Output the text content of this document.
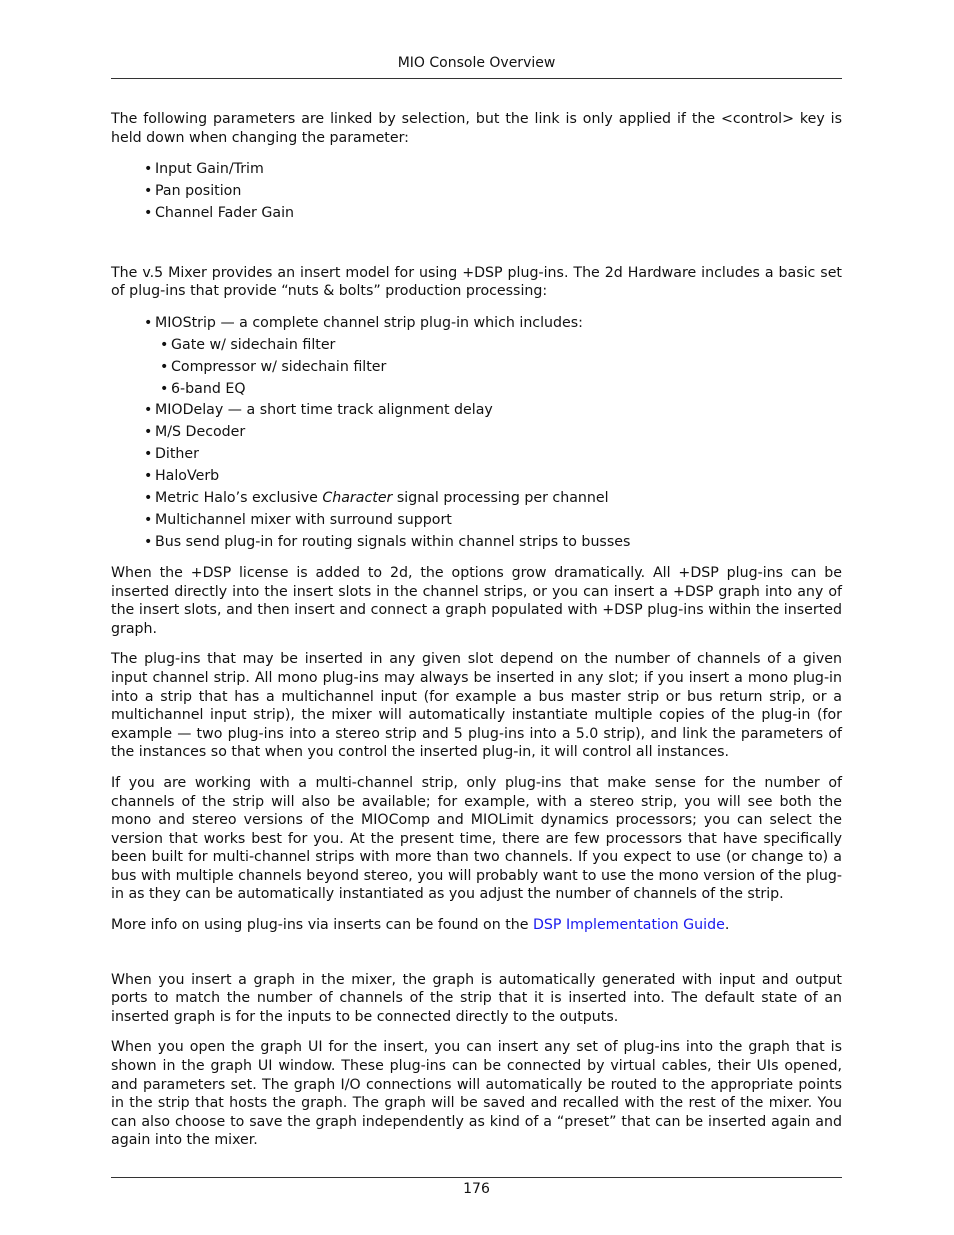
MIO Console Overview

The following parameters are linked by selection, but the link is only applied if the <control> key is held down when changing the parameter:

• Input Gain/Trim
• Pan position
• Channel Fader Gain

The v.5 Mixer provides an insert model for using +DSP plug-ins. The 2d Hardware includes a basic set of plug-ins that provide “nuts & bolts” production processing:

• MIOStrip — a complete channel strip plug-in which includes:
• Gate w/ sidechain filter
• Compressor w/ sidechain filter
• 6-band EQ
• MIODelay — a short time track alignment delay
• M/S Decoder
• Dither
• HaloVerb
• Metric Halo’s exclusive Character signal processing per channel
• Multichannel mixer with surround support
• Bus send plug-in for routing signals within channel strips to busses

When the +DSP license is added to 2d, the options grow dramatically. All +DSP plug-ins can be inserted directly into the insert slots in the channel strips, or you can insert a +DSP graph into any of the insert slots, and then insert and connect a graph populated with +DSP plug-ins within the inserted graph.

The plug-ins that may be inserted in any given slot depend on the number of channels of a given input channel strip. All mono plug-ins may always be inserted in any slot; if you insert a mono plug-in into a strip that has a multichannel input (for example a bus master strip or bus return strip, or a multichannel input strip), the mixer will automatically instantiate multiple copies of the plug-in (for example — two plug-ins into a stereo strip and 5 plug-ins into a 5.0 strip), and link the parameters of the instances so that when you control the inserted plug-in, it will control all instances.

If you are working with a multi-channel strip, only plug-ins that make sense for the number of channels of the strip will also be available; for example, with a stereo strip, you will see both the mono and stereo versions of the MIOComp and MIOLimit dynamics processors; you can select the version that works best for you. At the present time, there are few processors that have specifically been built for multi-channel strips with more than two channels. If you expect to use (or change to) a bus with multiple channels beyond stereo, you will probably want to use the mono version of the plug-in as they can be automatically instantiated as you adjust the number of channels of the strip.

More info on using plug-ins via inserts can be found on the DSP Implementation Guide.

When you insert a graph in the mixer, the graph is automatically generated with input and output ports to match the number of channels of the strip that it is inserted into. The default state of an inserted graph is for the inputs to be connected directly to the outputs.

When you open the graph UI for the insert, you can insert any set of plug-ins into the graph that is shown in the graph UI window. These plug-ins can be connected by virtual cables, their UIs opened, and parameters set. The graph I/O connections will automatically be routed to the appropriate points in the strip that hosts the graph. The graph will be saved and recalled with the rest of the mixer. You can also choose to save the graph independently as kind of a “preset” that can be inserted again and again into the mixer.

176
